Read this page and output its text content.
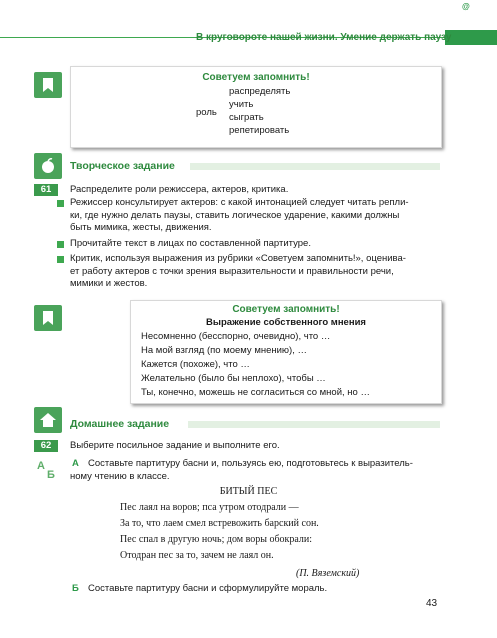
@
В круговороте нашей жизни. Умение держать паузу
Советуем запомнить!
роль
распределять
учить
сыграть
репетировать
Творческое задание
61	Распределите роли режиссера, актеров, критика.
Режиссер консультирует актеров: с какой интонацией следует читать репли-
ки, где нужно делать паузы, ставить логическое ударение, какими должны
быть мимика, жесты, движения.
Прочитайте текст в лицах по составленной партитуре.
Критик, используя выражения из рубрики «Советуем запомнить!», оценива-
ет работу актеров с точки зрения выразительности и правильности речи,
мимики и жестов.
Советуем запомнить!
Выражение собственного мнения
Несомненно (бесспорно, очевидно), что …
На мой взгляд (по моему мнению), …
Кажется (похоже), что …
Желательно (было бы неплохо), чтобы …
Ты, конечно, можешь не согласиться со мной, но …
Домашнее задание
62	Выберите посильное задание и выполните его.
А
Б
А Составьте партитуру басни и, пользуясь ею, подготовьтесь к выразитель-
ному чтению в классе.
БИТЫЙ ПЕС
Пес лаял на воров; пса утром отодрали —
За то, что лаем смел встревожить барский сон.
Пес спал в другую ночь; дом воры обокрали:
Отодран пес за то, зачем не лаял он.
(П. Вяземский)
Б Составьте партитуру басни и сформулируйте мораль.
43
